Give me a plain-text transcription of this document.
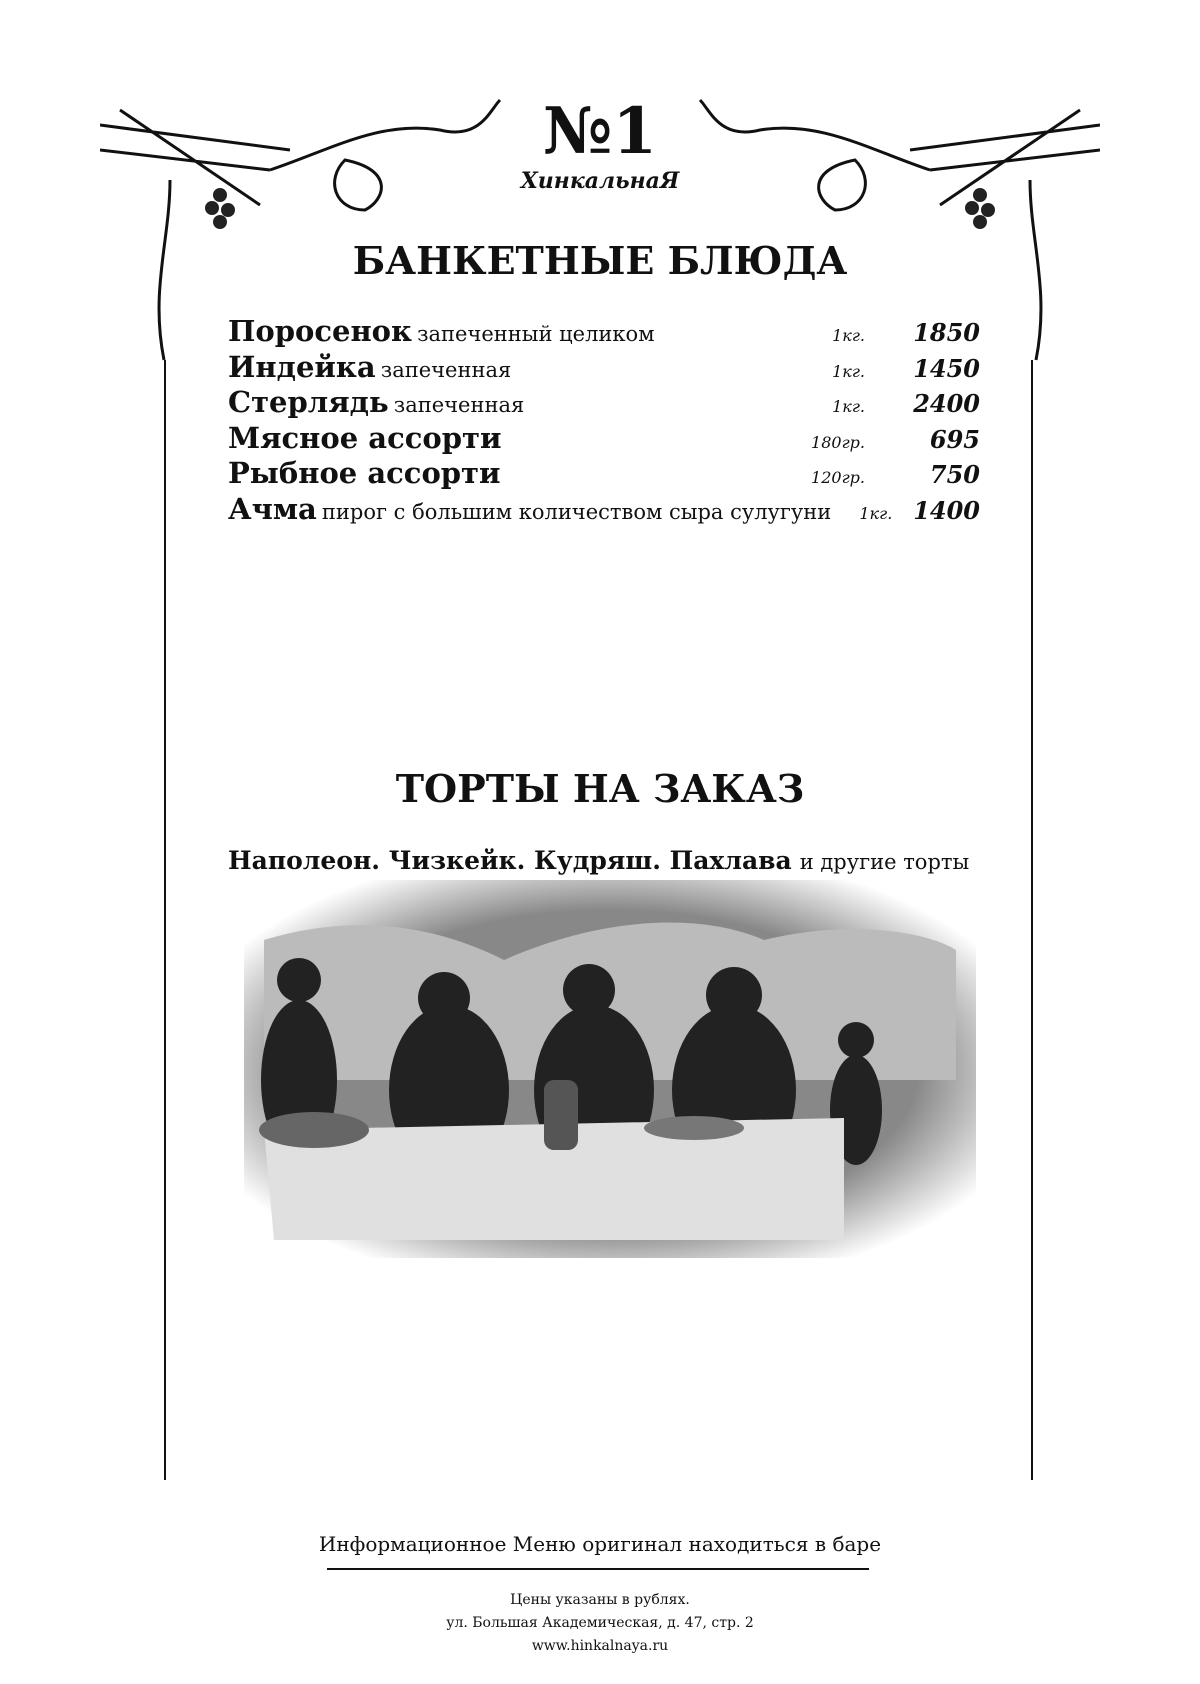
№1
ХинкальнаЯ
БАНКЕТНЫЕ БЛЮДА
Поросенок запеченный целиком	1кг.	1850
Индейка запеченная	1кг.	1450
Стерлядь запеченная	1кг.	2400
Мясное ассорти	180гр.	695
Рыбное ассорти	120гр.	750
Ачма пирог с большим количеством сыра сулугуни	1кг. 1400
ТОРТЫ НА ЗАКАЗ
Наполеон. Чизкейк. Кудряш. Пахлава и другие торты
Информационное Меню оригинал находиться в баре
Цены указаны в рублях.
ул. Большая Академическая, д. 47, стр. 2
www.hinkalnaya.ru
